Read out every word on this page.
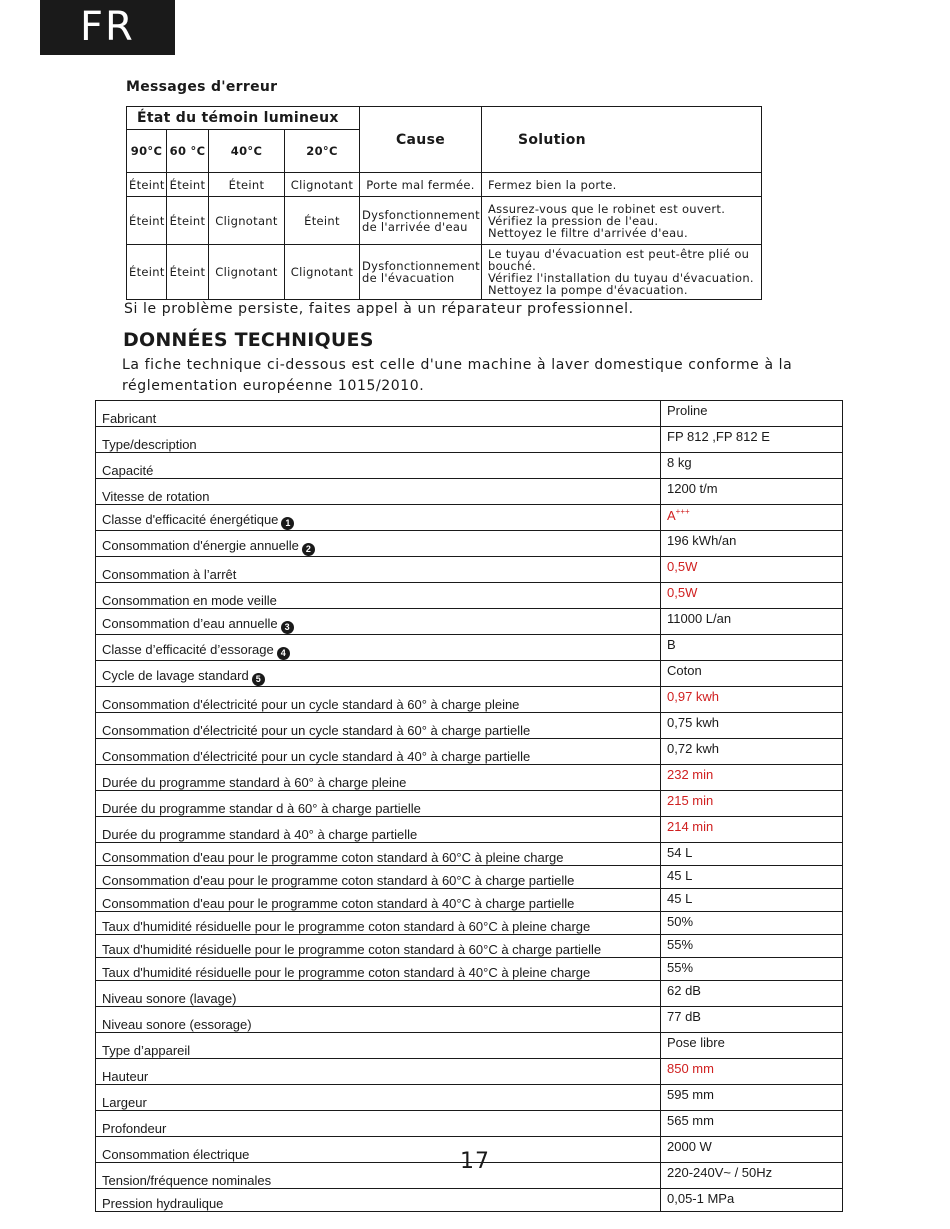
FR
Messages d'erreur
État du témoin lumineux				Cause	Solution
90°C	60 °C	40°C	20°C		
Éteint	Éteint	Éteint	Clignotant	Porte mal fermée.	Fermez bien la porte.

Éteint	Éteint	Clignotant	Éteint	Dysfonctionnement de l'arrivée d'eau	Assurez-vous que le robinet est ouvert.
Vérifiez la pression de l'eau.
Nettoyez le filtre d'arrivée d'eau.

Éteint	Éteint	Clignotant	Clignotant	Dysfonctionnement de l'évacuation	Le tuyau d'évacuation est peut-être plié ou bouché.
Vérifiez l'installation du tuyau d'évacuation.
Nettoyez la pompe d'évacuation.
Si le problème persiste, faites appel à un réparateur professionnel.
DONNÉES TECHNIQUES
La fiche technique ci-dessous est celle d'une machine à laver domestique conforme à la réglementation européenne 1015/2010.
Fabricant	Proline
Type/description	FP 812 ,FP 812 E
Capacité	8 kg
Vitesse de rotation	1200 t/m
Classe d'efficacité énergétique 1	A+++
Consommation d'énergie annuelle 2	196 kWh/an
Consommation à l’arrêt	0,5W
Consommation en mode veille	0,5W
Consommation d’eau annuelle 3	11000 L/an
Classe d’efficacité d’essorage 4	B
Cycle de lavage standard 5	Coton
Consommation d'électricité pour un cycle standard à 60° à charge pleine	0,97 kwh
Consommation d'électricité pour un cycle standard à 60° à charge partielle	0,75 kwh
Consommation d'électricité pour un cycle standard à 40° à charge partielle	0,72 kwh
Durée du programme standard à 60° à charge pleine	232 min
Durée du programme standar d à 60° à charge partielle	215 min
Durée du programme standard à 40° à charge partielle	214 min
Consommation d'eau pour le programme coton standard à 60°C à pleine charge	54 L
Consommation d'eau pour le programme coton standard à 60°C à charge partielle	45 L
Consommation d'eau pour le programme coton standard à 40°C à charge partielle	45 L
Taux d'humidité résiduelle pour le programme coton standard à 60°C à pleine charge	50%
Taux d'humidité résiduelle pour le programme coton standard à 60°C à charge partielle	55%
Taux d'humidité résiduelle pour le programme coton standard à 40°C à pleine charge	55%
Niveau sonore (lavage)	62 dB
Niveau sonore (essorage)	77 dB
Type d’appareil	Pose libre
Hauteur	850 mm
Largeur	595 mm
Profondeur	565 mm
Consommation électrique	2000 W
Tension/fréquence nominales	220-240V~ / 50Hz
Pression hydraulique	0,05-1 MPa
17
